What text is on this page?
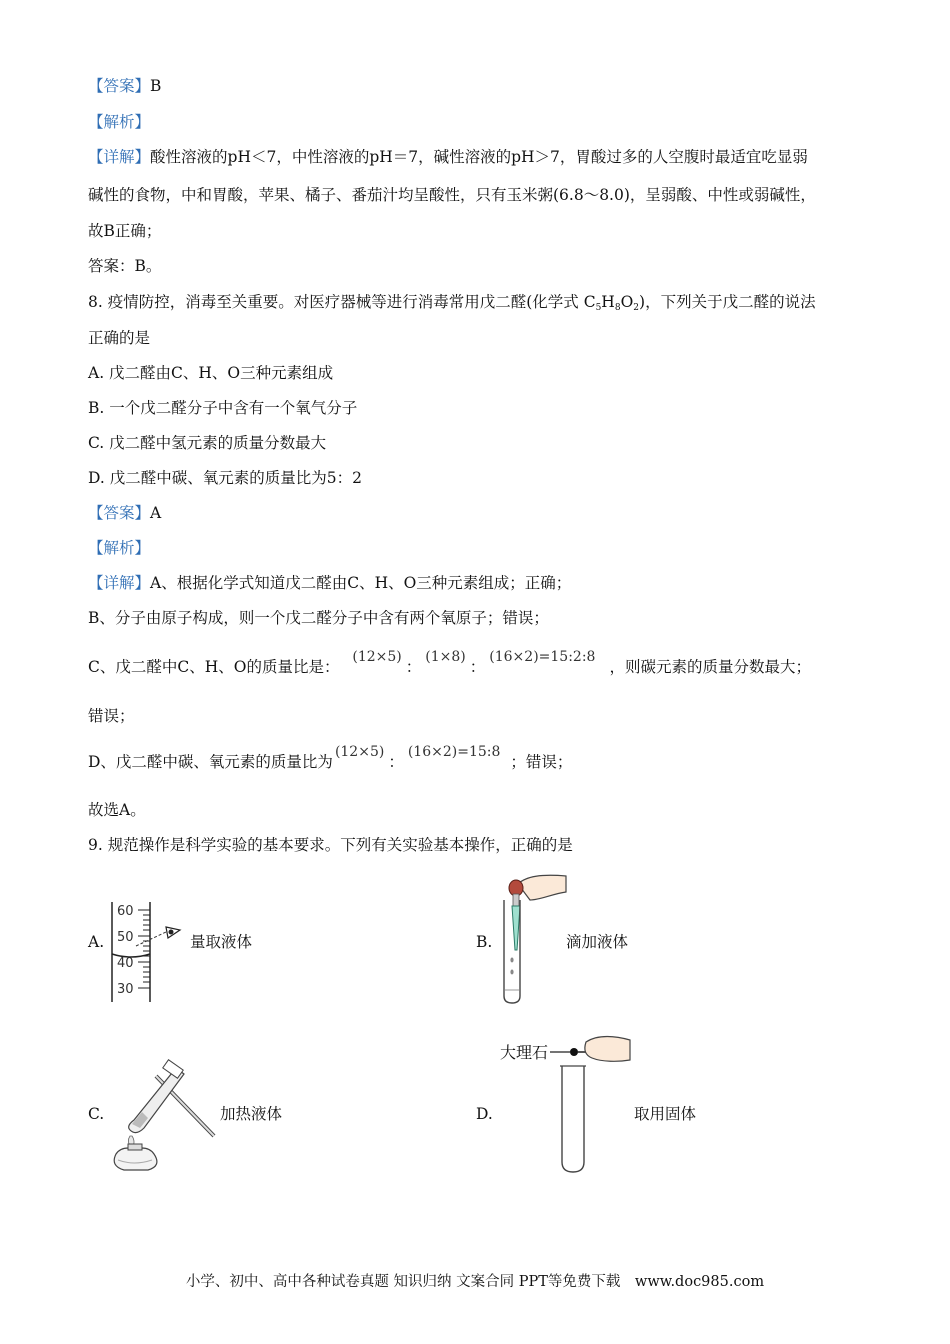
【答案】B
【解析】
【详解】酸性溶液的pH＜7，中性溶液的pH＝7，碱性溶液的pH＞7，胃酸过多的人空腹时最适宜吃显弱
碱性的食物，中和胃酸，苹果、橘子、番茄汁均呈酸性，只有玉米粥(6.8～8.0)，呈弱酸、中性或弱碱性，
故B正确；
答案：B。
8. 疫情防控，消毒至关重要。对医疗器械等进行消毒常用戊二醛(化学式 $C_5H_8O_2$)，下列关于戊二醛的说法
正确的是
A. 戊二醛由C、H、O三种元素组成
B. 一个戊二醛分子中含有一个氧气分子
C. 戊二醛中氢元素的质量分数最大
D. 戊二醛中碳、氧元素的质量比为5：2
【答案】A
【解析】
【详解】A、根据化学式知道戊二醛由C、H、O三种元素组成；正确；
B、分子由原子构成，则一个戊二醛分子中含有两个氧原子；错误；
C、戊二醛中C、H、O的质量比是： (12×5)：(1×8)：(16×2)=15:2:8，则碳元素的质量分数最大；
错误；
D、戊二醛中碳、氧元素的质量比为(12×5)：(16×2)=15:8；错误；
故选A。
9. 规范操作是科学实验的基本要求。下列有关实验基本操作，正确的是
A.
60
50
40
30
量取液体	B.	滴加液体
C.	加热液体	D.
大理石
取用固体
小学、初中、高中各种试卷真题 知识归纳 文案合同 PPT等免费下载　www.doc985.com
